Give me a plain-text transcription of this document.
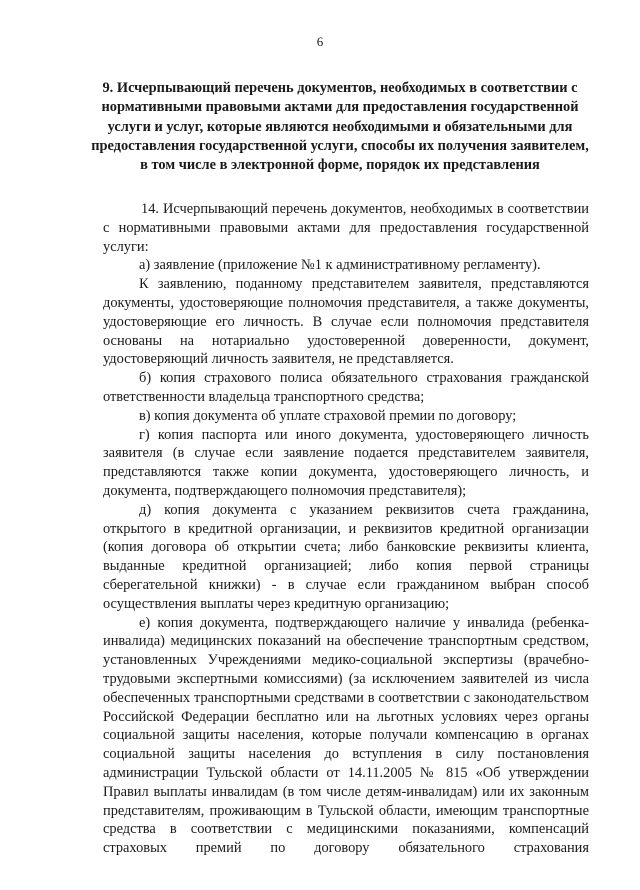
6
9. Исчерпывающий перечень документов, необходимых в соответствии с нормативными правовыми актами для предоставления государственной услуги и услуг, которые являются необходимыми и обязательными для предоставления государственной услуги, способы их получения заявителем, в том числе в электронной форме, порядок их представления

14. Исчерпывающий перечень документов, необходимых в соответствии с нормативными правовыми актами для предоставления государственной услуги:

а) заявление (приложение №1 к административному регламенту).

К заявлению, поданному представителем заявителя, представляются документы, удостоверяющие полномочия представителя, а также документы, удостоверяющие его личность. В случае если полномочия представителя основаны на нотариально удостоверенной доверенности, документ, удостоверяющий личность заявителя, не представляется.

б) копия страхового полиса обязательного страхования гражданской ответственности владельца транспортного средства;

в) копия документа об уплате страховой премии по договору;

г) копия паспорта или иного документа, удостоверяющего личность заявителя (в случае если заявление подается представителем заявителя, представляются также копии документа, удостоверяющего личность, и документа, подтверждающего полномочия представителя);

д) копия документа с указанием реквизитов счета гражданина, открытого в кредитной организации, и реквизитов кредитной организации (копия договора об открытии счета; либо банковские реквизиты клиента, выданные кредитной организацией; либо копия первой страницы сберегательной книжки) - в случае если гражданином выбран способ осуществления выплаты через кредитную организацию;

е) копия документа, подтверждающего наличие у инвалида (ребенка-инвалида) медицинских показаний на обеспечение транспортным средством, установленных Учреждениями медико-социальной экспертизы (врачебно-трудовыми экспертными комиссиями) (за исключением заявителей из числа обеспеченных транспортными средствами в соответствии с законодательством Российской Федерации бесплатно или на льготных условиях через органы социальной защиты населения, которые получали компенсацию в органах социальной защиты населения до вступления в силу постановления администрации Тульской области от 14.11.2005 № 815 «Об утверждении Правил выплаты инвалидам (в том числе детям-инвалидам) или их законным представителям, проживающим в Тульской области, имеющим транспортные средства в соответствии с медицинскими показаниями, компенсаций страховых премий по договору обязательного страхования
